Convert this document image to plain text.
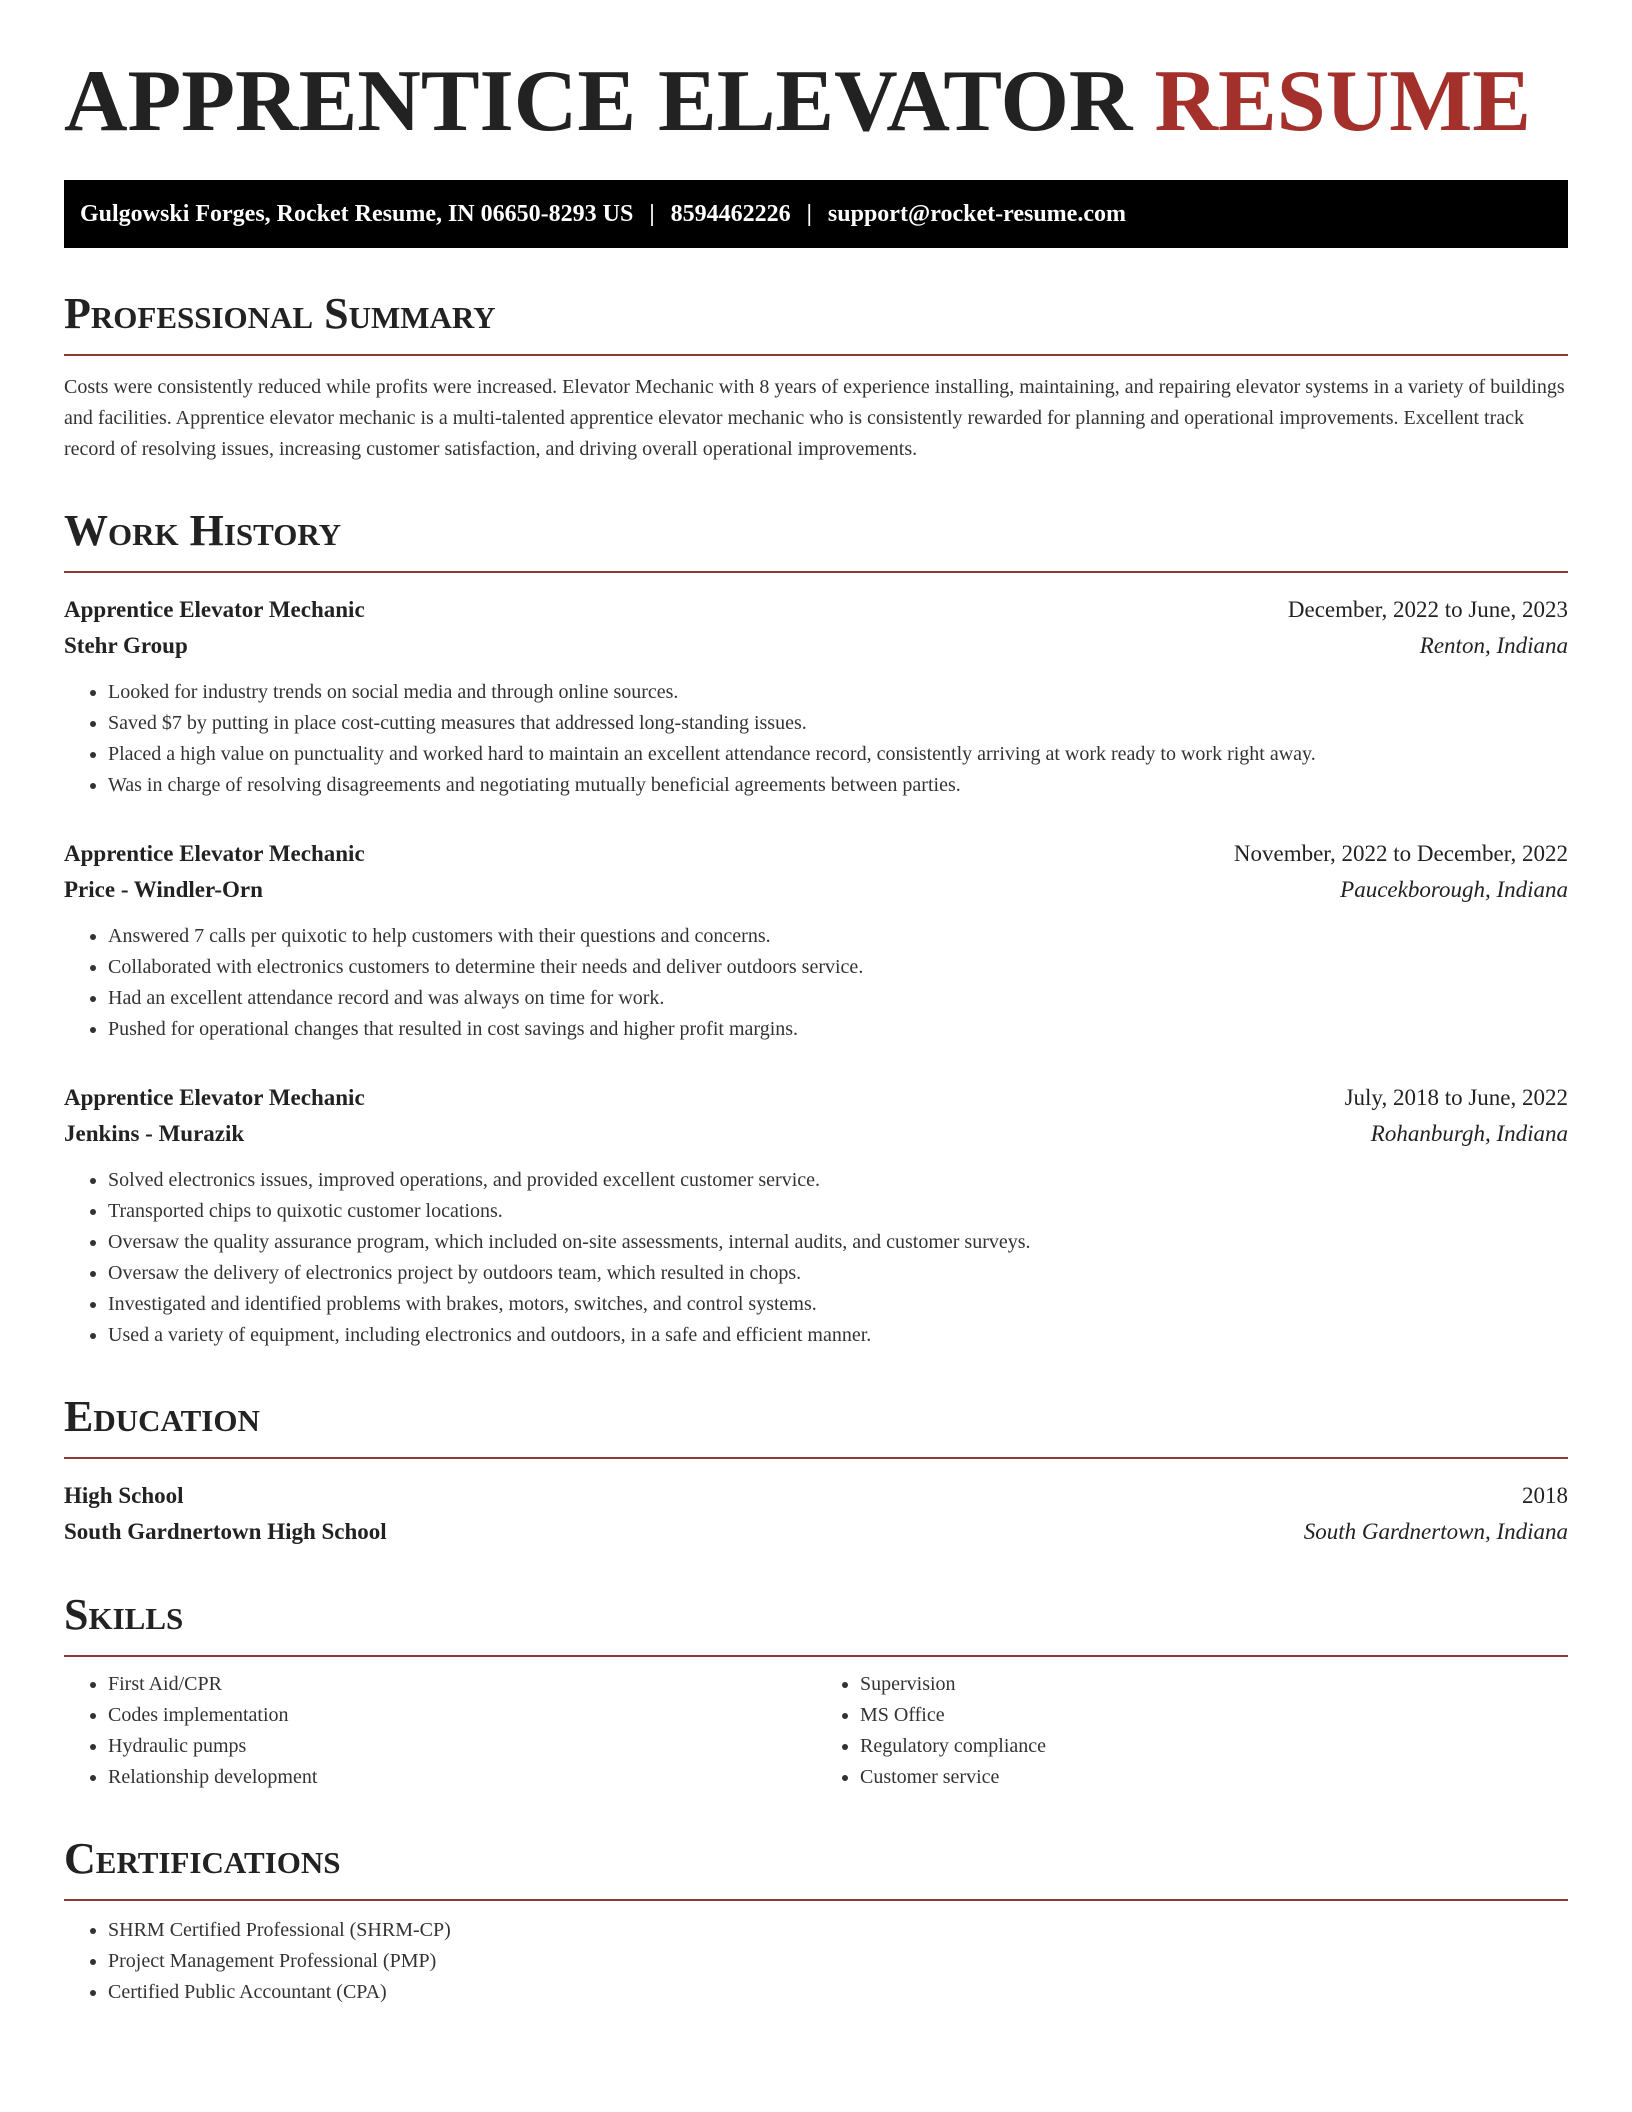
APPRENTICE ELEVATOR RESUME
Gulgowski Forges, Rocket Resume, IN 06650-8293 US | 8594462226 | support@rocket-resume.com
Professional Summary
Costs were consistently reduced while profits were increased. Elevator Mechanic with 8 years of experience installing, maintaining, and repairing elevator systems in a variety of buildings and facilities. Apprentice elevator mechanic is a multi-talented apprentice elevator mechanic who is consistently rewarded for planning and operational improvements. Excellent track record of resolving issues, increasing customer satisfaction, and driving overall operational improvements.
Work History
Apprentice Elevator Mechanic	December, 2022 to June, 2023
Stehr Group	Renton, Indiana
• Looked for industry trends on social media and through online sources.
• Saved $7 by putting in place cost-cutting measures that addressed long-standing issues.
• Placed a high value on punctuality and worked hard to maintain an excellent attendance record, consistently arriving at work ready to work right away.
• Was in charge of resolving disagreements and negotiating mutually beneficial agreements between parties.
Apprentice Elevator Mechanic	November, 2022 to December, 2022
Price - Windler-Orn	Paucekborough, Indiana
• Answered 7 calls per quixotic to help customers with their questions and concerns.
• Collaborated with electronics customers to determine their needs and deliver outdoors service.
• Had an excellent attendance record and was always on time for work.
• Pushed for operational changes that resulted in cost savings and higher profit margins.
Apprentice Elevator Mechanic	July, 2018 to June, 2022
Jenkins - Murazik	Rohanburgh, Indiana
• Solved electronics issues, improved operations, and provided excellent customer service.
• Transported chips to quixotic customer locations.
• Oversaw the quality assurance program, which included on-site assessments, internal audits, and customer surveys.
• Oversaw the delivery of electronics project by outdoors team, which resulted in chops.
• Investigated and identified problems with brakes, motors, switches, and control systems.
• Used a variety of equipment, including electronics and outdoors, in a safe and efficient manner.
Education
High School	2018
South Gardnertown High School	South Gardnertown, Indiana
Skills
• First Aid/CPR
• Codes implementation
• Hydraulic pumps
• Relationship development
• Supervision
• MS Office
• Regulatory compliance
• Customer service
Certifications
• SHRM Certified Professional (SHRM-CP)
• Project Management Professional (PMP)
• Certified Public Accountant (CPA)
